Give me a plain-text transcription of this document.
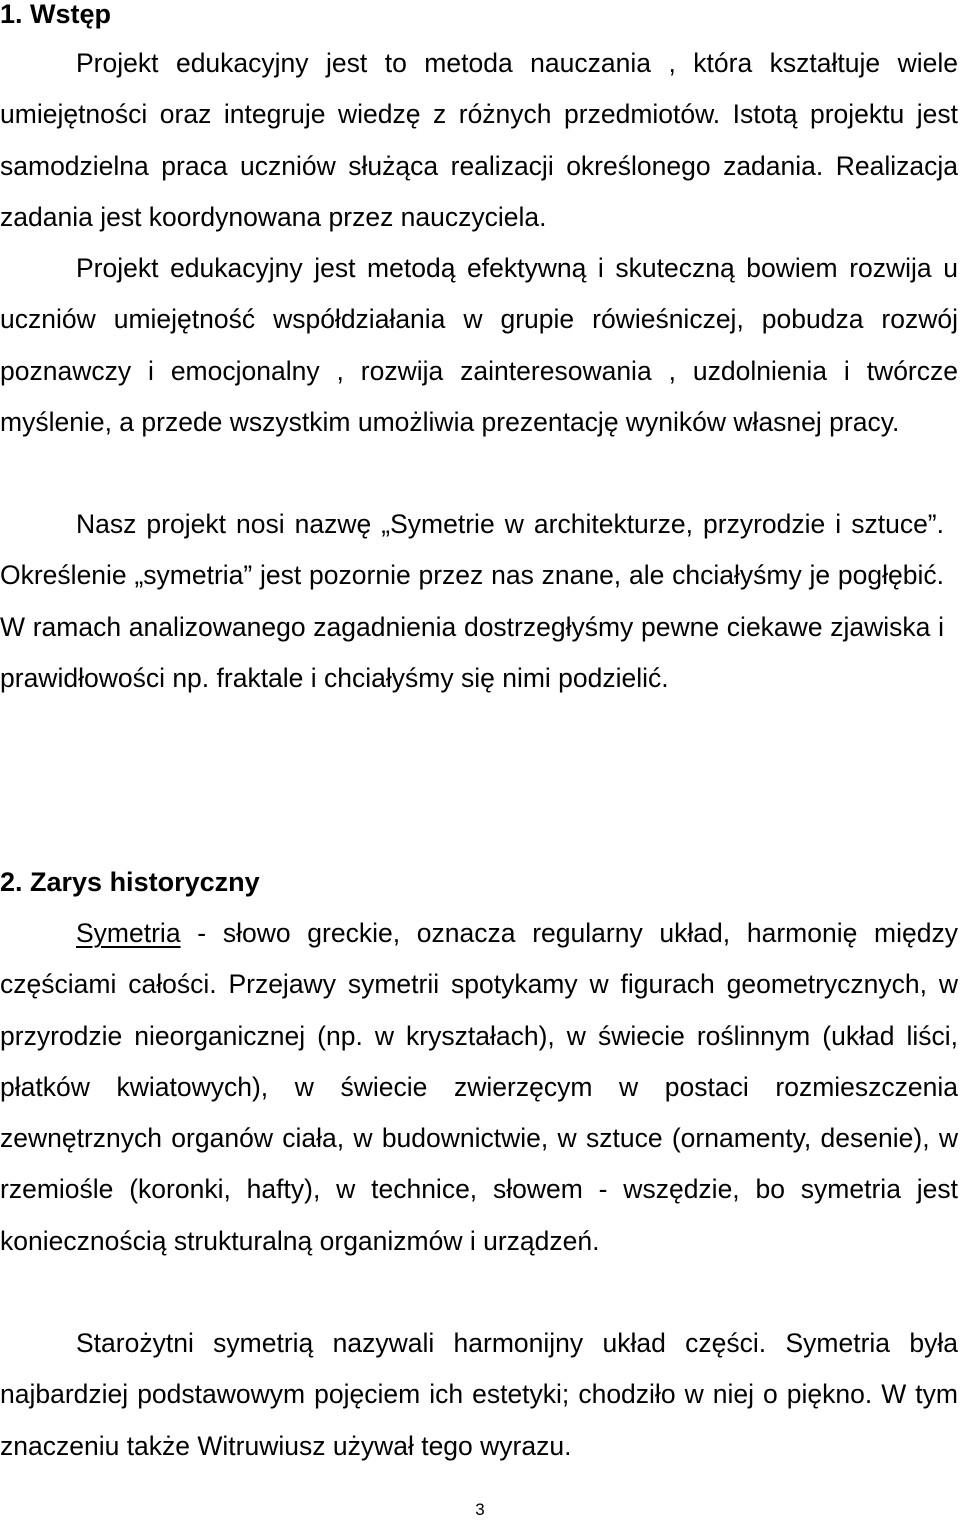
1. Wstęp

Projekt edukacyjny jest to metoda nauczania , która kształtuje wiele umiejętności oraz integruje wiedzę z różnych przedmiotów. Istotą projektu jest samodzielna praca uczniów służąca realizacji określonego zadania. Realizacja zadania jest koordynowana przez nauczyciela.

Projekt edukacyjny jest metodą efektywną i skuteczną bowiem rozwija u uczniów umiejętność współdziałania w grupie rówieśniczej, pobudza rozwój poznawczy i emocjonalny , rozwija zainteresowania , uzdolnienia i twórcze myślenie, a przede wszystkim umożliwia prezentację wyników własnej pracy.

Nasz projekt nosi nazwę „Symetrie w architekturze, przyrodzie i sztuce”. Określenie „symetria” jest pozornie przez nas znane, ale chciałyśmy je pogłębić. W ramach analizowanego zagadnienia dostrzegłyśmy pewne ciekawe zjawiska i prawidłowości np. fraktale i chciałyśmy się nimi podzielić.

2. Zarys historyczny

Symetria - słowo greckie, oznacza regularny układ, harmonię między częściami całości. Przejawy symetrii spotykamy w figurach geometrycznych, w przyrodzie nieorganicznej (np. w kryształach), w świecie roślinnym (układ liści, płatków kwiatowych), w świecie zwierzęcym w postaci rozmieszczenia zewnętrznych organów ciała, w budownictwie, w sztuce (ornamenty, desenie), w rzemiośle (koronki, hafty), w technice, słowem - wszędzie, bo symetria jest koniecznością strukturalną organizmów i urządzeń.

Starożytni symetrią nazywali harmonijny układ części. Symetria była najbardziej podstawowym pojęciem ich estetyki; chodziło w niej o piękno. W tym znaczeniu także Witruwiusz używał tego wyrazu.

3
